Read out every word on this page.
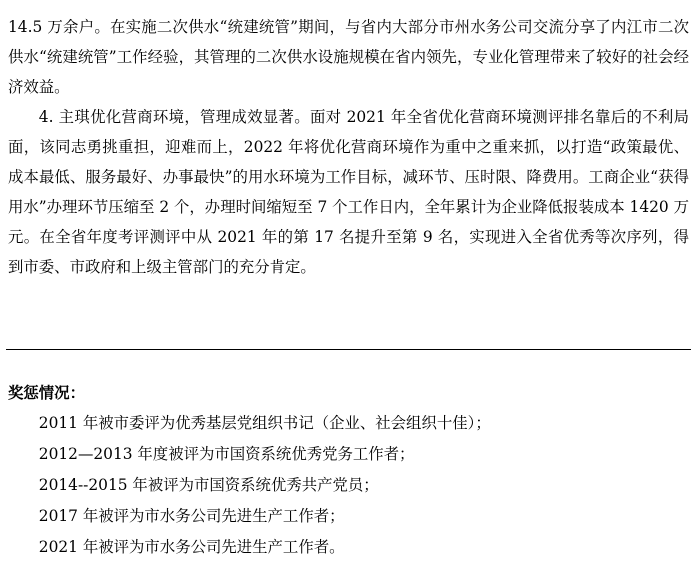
14.5 万余户。在实施二次供水“统建统管”期间，与省内大部分市州水务公司交流分享了内江市二次供水“统建统管”工作经验，其管理的二次供水设施规模在省内领先，专业化管理带来了较好的社会经济效益。

4. 主琪优化营商环境，管理成效显著。面对 2021 年全省优化营商环境测评排名靠后的不利局面，该同志勇挑重担，迎难而上，2022 年将优化营商环境作为重中之重来抓，以打造“政策最优、成本最低、服务最好、办事最快”的用水环境为工作目标，减环节、压时限、降费用。工商企业“获得用水”办理环节压缩至 2 个，办理时间缩短至 7 个工作日内，全年累计为企业降低报装成本 1420 万元。在全省年度考评测评中从 2021 年的第 17 名提升至第 9 名，实现进入全省优秀等次序列，得到市委、市政府和上级主管部门的充分肯定。

奖惩情况：

2011 年被市委评为优秀基层党组织书记（企业、社会组织十佳）；

2012—2013 年度被评为市国资系统优秀党务工作者；

2014--2015 年被评为市国资系统优秀共产党员；

2017 年被评为市水务公司先进生产工作者；

2021 年被评为市水务公司先进生产工作者。
